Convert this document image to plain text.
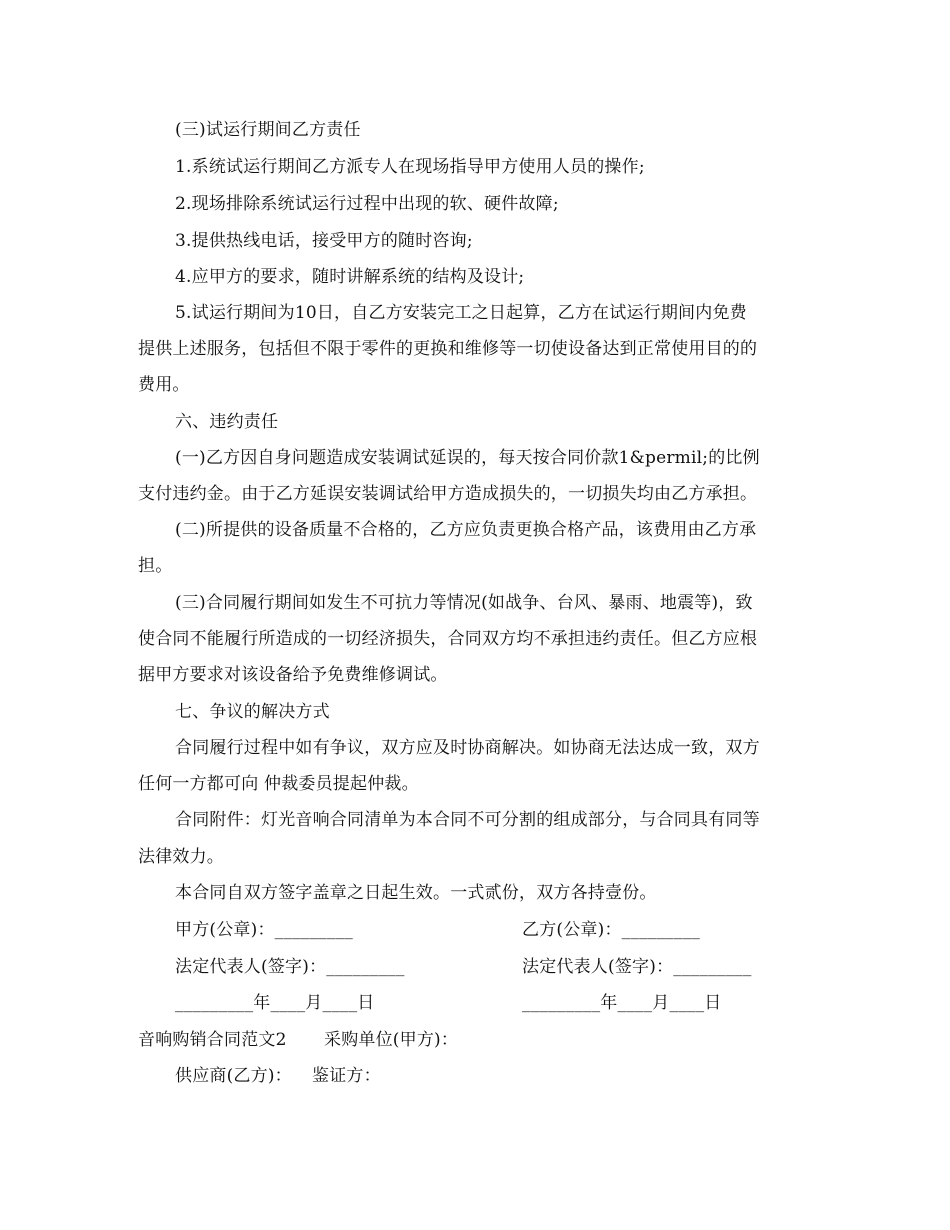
(三)试运行期间乙方责任
1.系统试运行期间乙方派专人在现场指导甲方使用人员的操作;
2.现场排除系统试运行过程中出现的软、硬件故障;
3.提供热线电话，接受甲方的随时咨询;
4.应甲方的要求，随时讲解系统的结构及设计;
5.试运行期间为10日，自乙方安装完工之日起算，乙方在试运行期间内免费
提供上述服务，包括但不限于零件的更换和维修等一切使设备达到正常使用目的的
费用。
六、违约责任
(一)乙方因自身问题造成安装调试延误的，每天按合同价款1&permil;的比例
支付违约金。由于乙方延误安装调试给甲方造成损失的，一切损失均由乙方承担。
(二)所提供的设备质量不合格的，乙方应负责更换合格产品，该费用由乙方承
担。
(三)合同履行期间如发生不可抗力等情况(如战争、台风、暴雨、地震等)，致
使合同不能履行所造成的一切经济损失，合同双方均不承担违约责任。但乙方应根
据甲方要求对该设备给予免费维修调试。
七、争议的解决方式
合同履行过程中如有争议，双方应及时协商解决。如协商无法达成一致，双方
任何一方都可向 仲裁委员提起仲裁。
合同附件：灯光音响合同清单为本合同不可分割的组成部分，与合同具有同等
法律效力。
本合同自双方签字盖章之日起生效。一式贰份，双方各持壹份。
甲方(公章)：_________	乙方(公章)：_________
法定代表人(签字)：_________	法定代表人(签字)：_________
_________年____月____日	_________年____月____日
音响购销合同范文2	采购单位(甲方)：
供应商(乙方)： 鉴证方：
